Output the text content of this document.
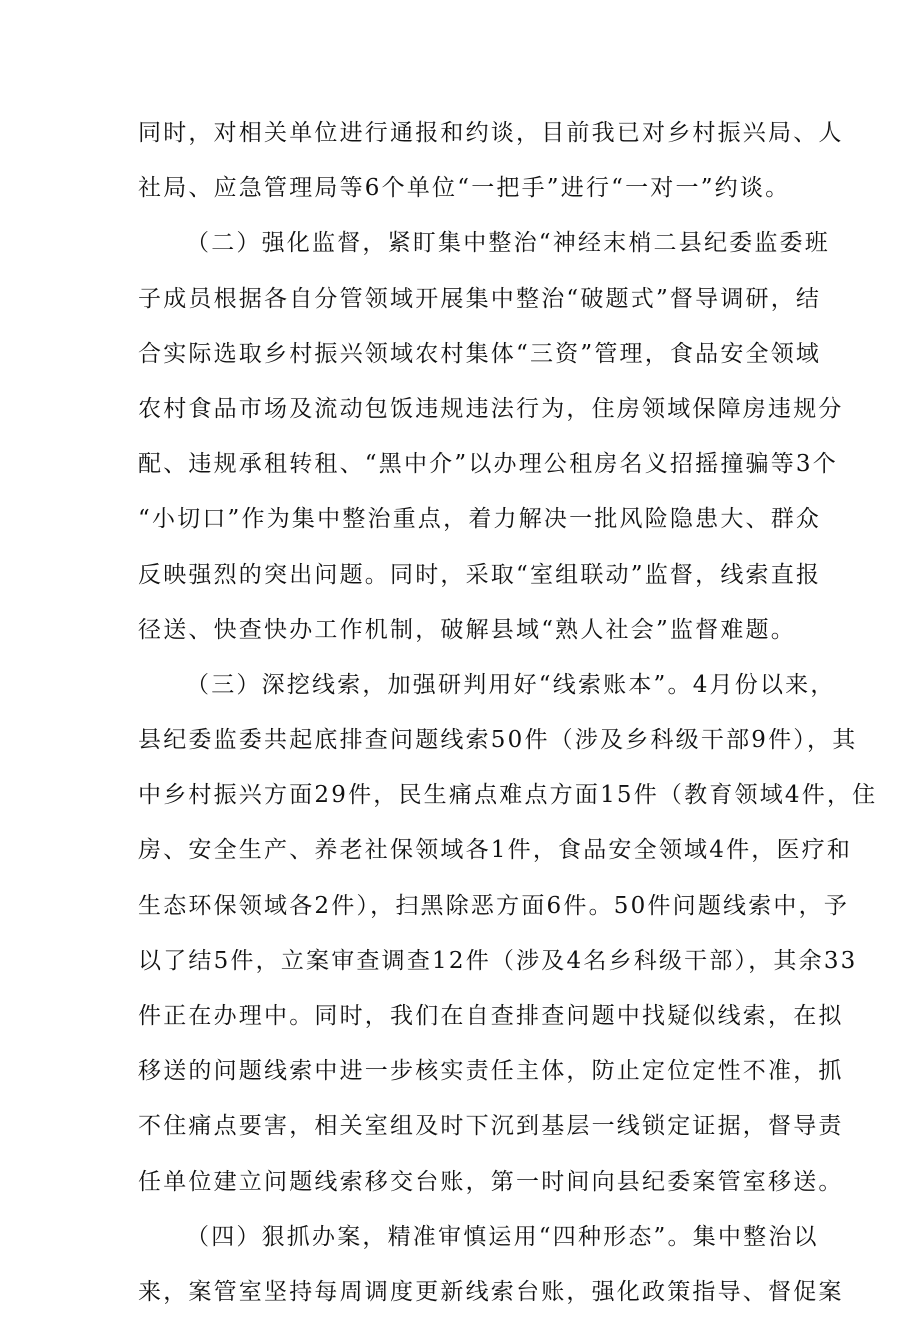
同时，对相关单位进行通报和约谈，目前我已对乡村振兴局、人
社局、应急管理局等6个单位“一把手”进行“一对一”约谈。
（二）强化监督，紧盯集中整治“神经末梢二县纪委监委班
子成员根据各自分管领域开展集中整治“破题式”督导调研，结
合实际选取乡村振兴领域农村集体“三资”管理，食品安全领域
农村食品市场及流动包饭违规违法行为，住房领域保障房违规分
配、违规承租转租、“黑中介”以办理公租房名义招摇撞骗等3个
“小切口”作为集中整治重点，着力解决一批风险隐患大、群众
反映强烈的突出问题。同时，采取“室组联动”监督，线索直报
径送、快查快办工作机制，破解县域“熟人社会”监督难题。
（三）深挖线索，加强研判用好“线索账本”。4月份以来，
县纪委监委共起底排查问题线索50件（涉及乡科级干部9件），其
中乡村振兴方面29件，民生痛点难点方面15件（教育领域4件，住
房、安全生产、养老社保领域各1件，食品安全领域4件，医疗和
生态环保领域各2件），扫黑除恶方面6件。50件问题线索中，予
以了结5件，立案审查调查12件（涉及4名乡科级干部），其余33
件正在办理中。同时，我们在自查排查问题中找疑似线索，在拟
移送的问题线索中进一步核实责任主体，防止定位定性不准，抓
不住痛点要害，相关室组及时下沉到基层一线锁定证据，督导责
任单位建立问题线索移交台账，第一时间向县纪委案管室移送。
（四）狠抓办案，精准审慎运用“四种形态”。集中整治以
来，案管室坚持每周调度更新线索台账，强化政策指导、督促案
